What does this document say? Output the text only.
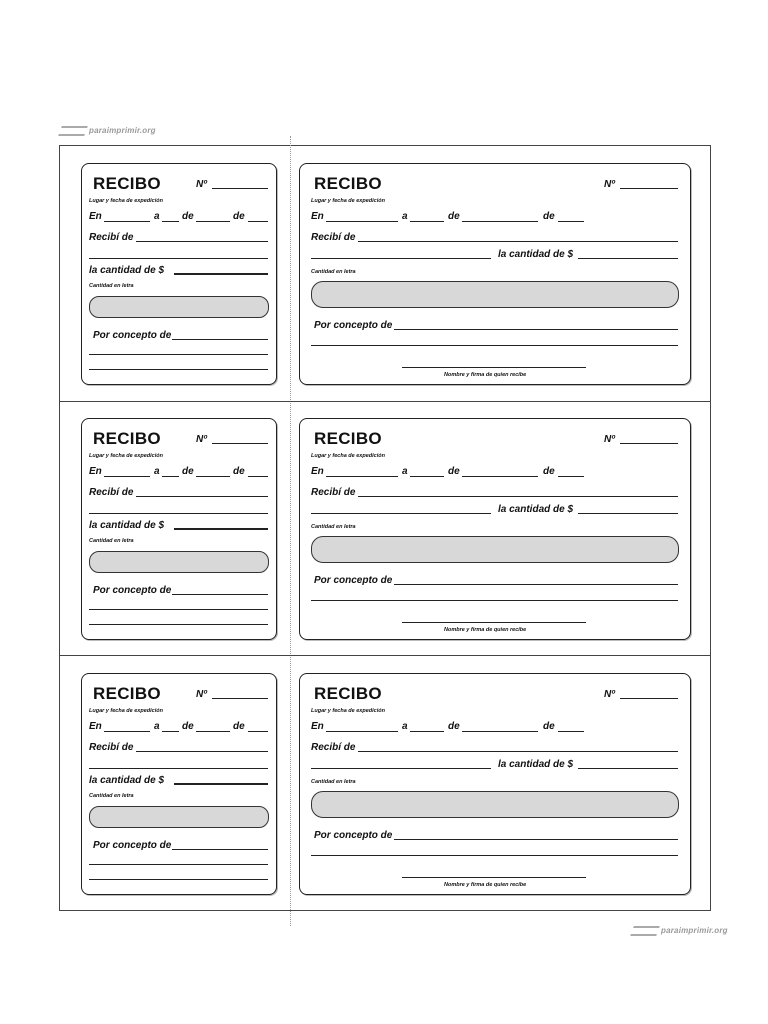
paraimprimir.org
paraimprimir.org
RECIBO	Nº
Lugar y fecha de expedición
En	a de	de
Recibí de
la cantidad de $
Cantidad en letra
Por concepto de
RECIBO	Nº
Lugar y fecha de expedición
En	a	de	de
Recibí de
la cantidad de $
Cantidad en letra
Por concepto de
Nombre y firma de quien recibe
RECIBO	Nº
Lugar y fecha de expedición
En	a de	de
Recibí de
la cantidad de $
Cantidad en letra
Por concepto de
RECIBO	Nº
Lugar y fecha de expedición
En	a	de	de
Recibí de
la cantidad de $
Cantidad en letra
Por concepto de
Nombre y firma de quien recibe
RECIBO	Nº
Lugar y fecha de expedición
En	a de	de
Recibí de
la cantidad de $
Cantidad en letra
Por concepto de
RECIBO	Nº
Lugar y fecha de expedición
En	a	de	de
Recibí de
la cantidad de $
Cantidad en letra
Por concepto de
Nombre y firma de quien recibe
